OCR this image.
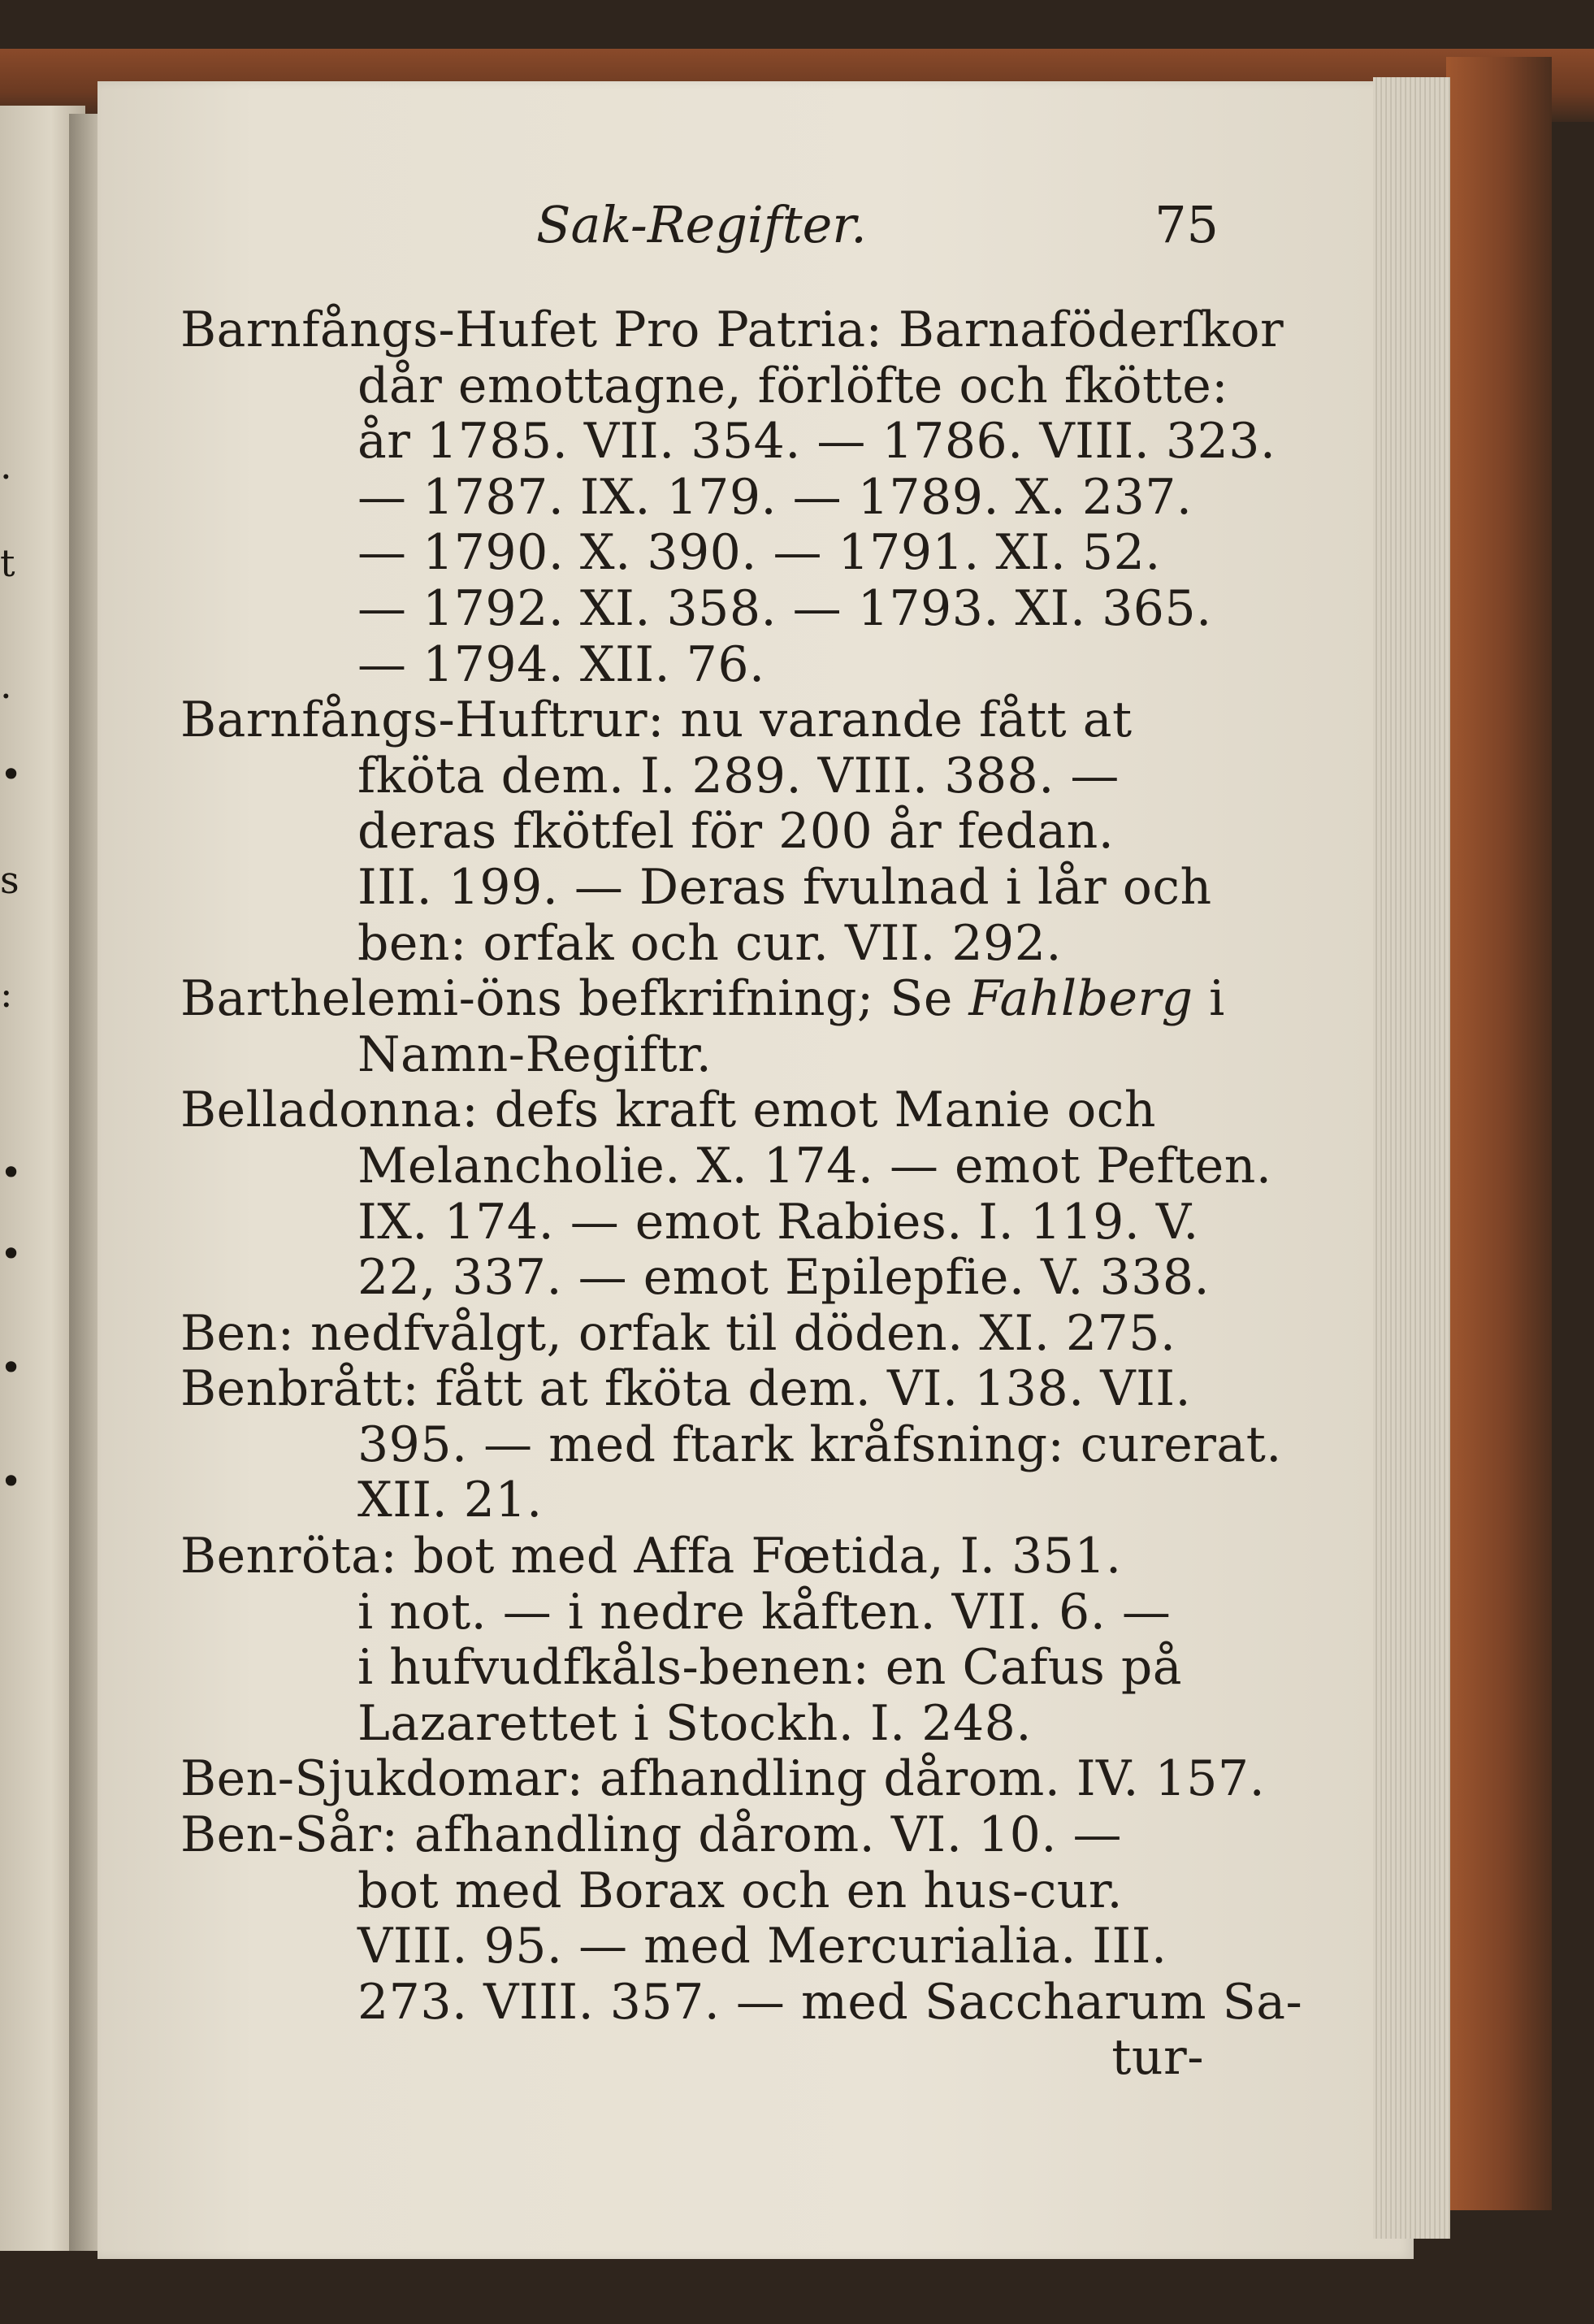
.
t
.
•
s
:
•
•
•
•
Sak-Regifter.	75
Barnfångs-Hufet Pro Patria: Barnaföderſkor
dår emottagne, förlöfte och fkötte:
år 1785. VII. 354. — 1786. VIII. 323.
— 1787. IX. 179. — 1789. X. 237.
— 1790. X. 390. — 1791. XI. 52.
— 1792. XI. 358. — 1793. XI. 365.
— 1794. XII. 76.
Barnfångs-Huftrur: nu varande fått at
fköta dem. I. 289. VIII. 388. —
deras fkötfel för 200 år fedan.
III. 199. — Deras fvulnad i lår och
ben: orfak och cur. VII. 292.
Barthelemi-öns befkrifning; Se Fahlberg i
Namn-Regiftr.
Belladonna: defs kraft emot Manie och
Melancholie. X. 174. — emot Peften.
IX. 174. — emot Rabies. I. 119. V.
22, 337. — emot Epilepfie. V. 338.
Ben: nedfvålgt, orfak til döden. XI. 275.
Benbrått: fått at fköta dem. VI. 138. VII.
395. — med ftark kråfsning: curerat.
XII. 21.
Benröta: bot med Affa Fœtida, I. 351.
i not. — i nedre kåften. VII. 6. —
i hufvudfkåls-benen: en Cafus på
Lazarettet i Stockh. I. 248.
Ben-Sjukdomar: afhandling dårom. IV. 157.
Ben-Sår: afhandling dårom. VI. 10. —
bot med Borax och en hus-cur.
VIII. 95. — med Mercurialia. III.
273. VIII. 357. — med Saccharum Sa-
tur-
